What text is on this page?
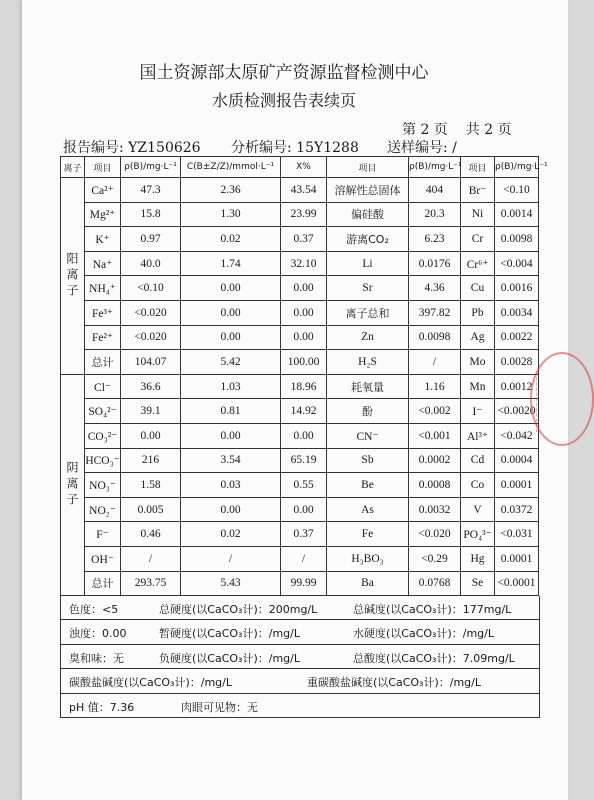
国土资源部太原矿产资源监督检测中心
水质检测报告表续页
第 2 页 共 2 页
报告编号: YZ150626 分析编号: 15Y1288 送样编号: /
离子	项目	ρ(B)/mg·L⁻¹	C(B±Z/Z)/mmol·L⁻¹	X%	项目	ρ(B)/mg·L⁻¹	项目	ρ(B)/mg·L⁻¹
阳离子	Ca²⁺	47.3	2.36	43.54	溶解性总固体	404	Br⁻	<0.10
	Mg²⁺	15.8	1.30	23.99	偏硅酸	20.3	Ni	0.0014
	K⁺	0.97	0.02	0.37	游离CO₂	6.23	Cr	0.0098
	Na⁺	40.0	1.74	32.10	Li	0.0176	Cr⁶⁺	<0.004
	NH₄⁺	<0.10	0.00	0.00	Sr	4.36	Cu	0.0016
	Fe³⁺	<0.020	0.00	0.00	离子总和	397.82	Pb	0.0034
	Fe²⁺	<0.020	0.00	0.00	Zn	0.0098	Ag	0.0022
	总计	104.07	5.42	100.00	H₂S	/	Mo	0.0028
阴离子	Cl⁻	36.6	1.03	18.96	耗氧量	1.16	Mn	0.0012
	SO₄²⁻	39.1	0.81	14.92	酚	<0.002	I⁻	<0.0020
	CO₃²⁻	0.00	0.00	0.00	CN⁻	<0.001	Al³⁺	<0.042
	HCO₃⁻	216	3.54	65.19	Sb	0.0002	Cd	0.0004
	NO₃⁻	1.58	0.03	0.55	Be	0.0008	Co	0.0001
	NO₂⁻	0.005	0.00	0.00	As	0.0032	V	0.0372
	F⁻	0.46	0.02	0.37	Fe	<0.020	PO₄³⁻	<0.031
	OH⁻	/	/	/	H₃BO₃	<0.29	Hg	0.0001
	总计	293.75	5.43	99.99	Ba	0.0768	Se	<0.0001
色度：<5	总硬度(以CaCO₃计)：200mg/L	总碱度(以CaCO₃计)：177mg/L
浊度：0.00	暂硬度(以CaCO₃计)：/mg/L	水硬度(以CaCO₃计)：/mg/L
臭和味：无	负硬度(以CaCO₃计)：/mg/L	总酸度(以CaCO₃计)：7.09mg/L
碳酸盐碱度(以CaCO₃计)：/mg/L	重碳酸盐碱度(以CaCO₃计)：/mg/L
pH 值：7.36	肉眼可见物：无
